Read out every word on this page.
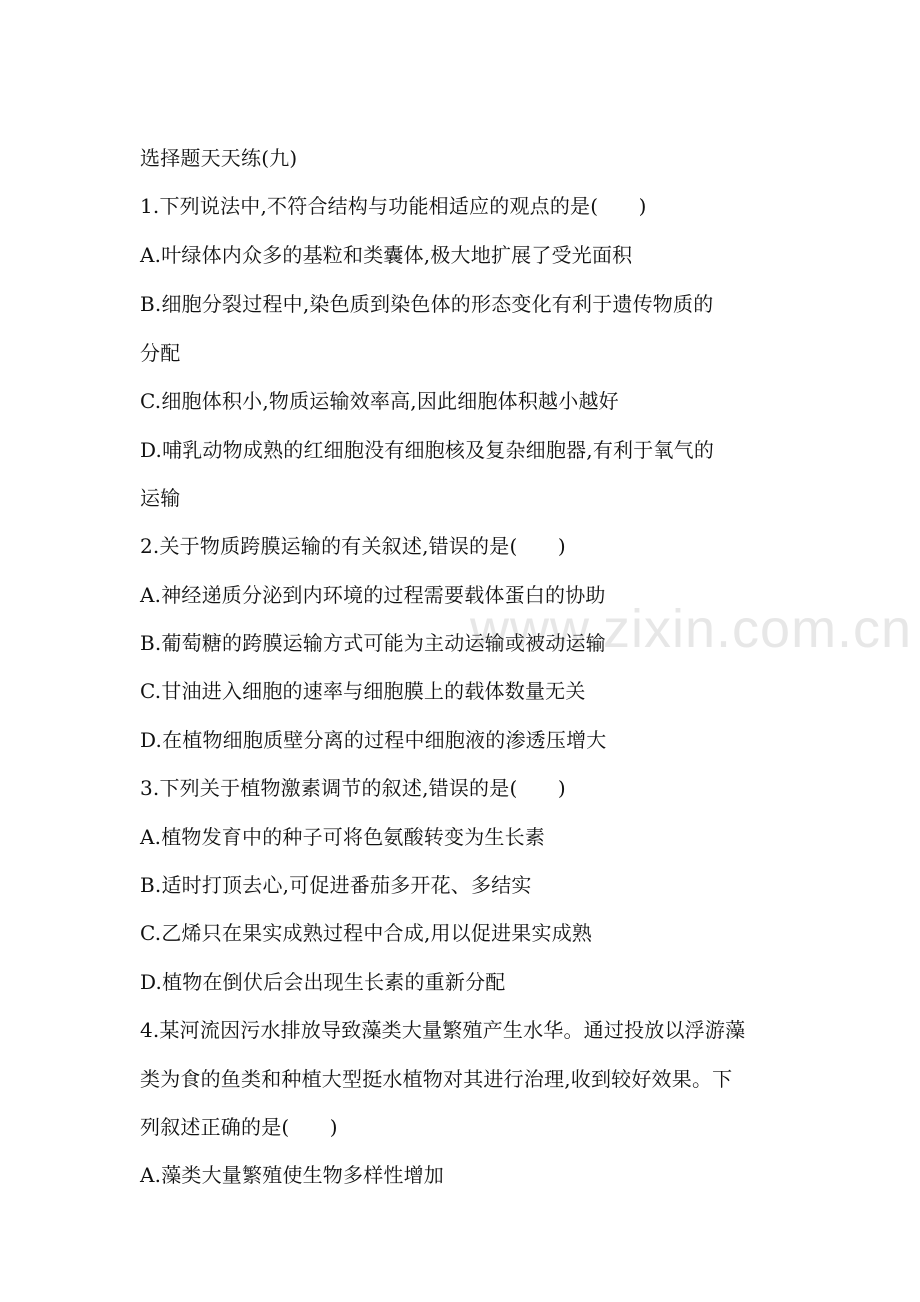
www.zixin.com.cn
选择题天天练(九)
1.下列说法中,不符合结构与功能相适应的观点的是(　　)
A.叶绿体内众多的基粒和类囊体,极大地扩展了受光面积
B.细胞分裂过程中,染色质到染色体的形态变化有利于遗传物质的
分配
C.细胞体积小,物质运输效率高,因此细胞体积越小越好
D.哺乳动物成熟的红细胞没有细胞核及复杂细胞器,有利于氧气的
运输
2.关于物质跨膜运输的有关叙述,错误的是(　　)
A.神经递质分泌到内环境的过程需要载体蛋白的协助
B.葡萄糖的跨膜运输方式可能为主动运输或被动运输
C.甘油进入细胞的速率与细胞膜上的载体数量无关
D.在植物细胞质壁分离的过程中细胞液的渗透压增大
3.下列关于植物激素调节的叙述,错误的是(　　)
A.植物发育中的种子可将色氨酸转变为生长素
B.适时打顶去心,可促进番茄多开花、多结实
C.乙烯只在果实成熟过程中合成,用以促进果实成熟
D.植物在倒伏后会出现生长素的重新分配
4.某河流因污水排放导致藻类大量繁殖产生水华。通过投放以浮游藻
类为食的鱼类和种植大型挺水植物对其进行治理,收到较好效果。下
列叙述正确的是(　　)
A.藻类大量繁殖使生物多样性增加
